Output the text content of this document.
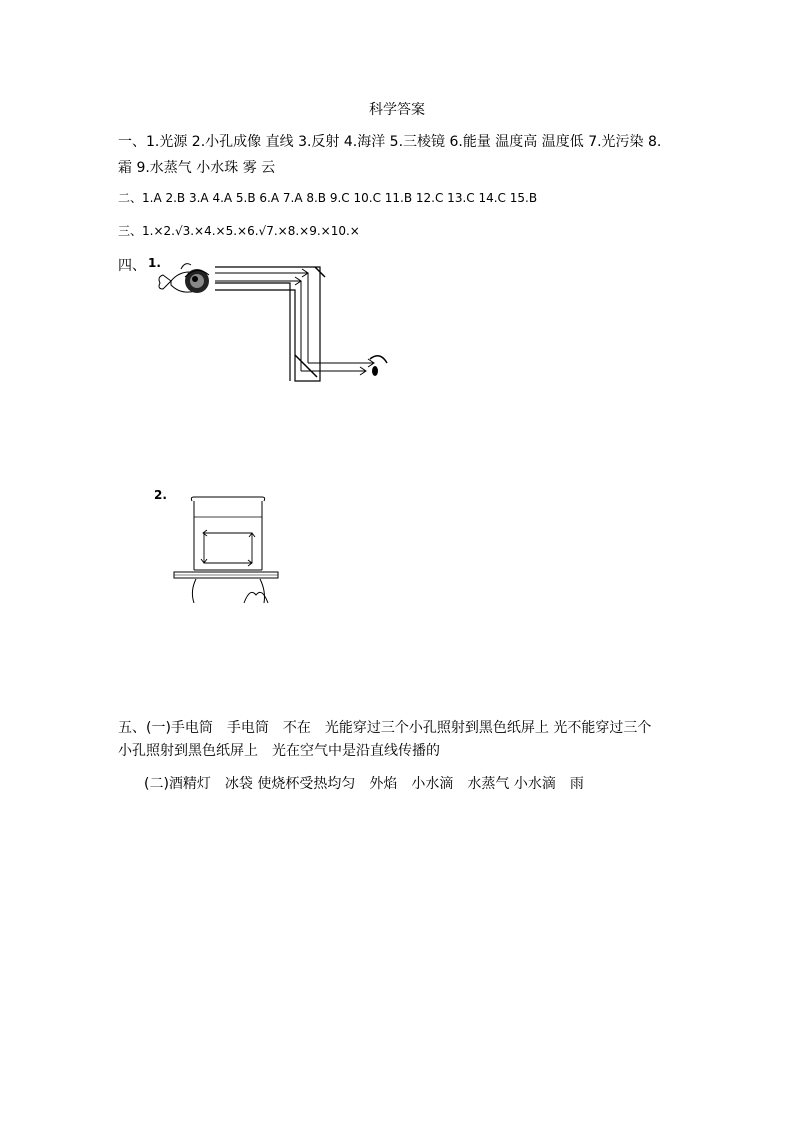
科学答案
一、1.光源 2.小孔成像 直线 3.反射 4.海洋 5.三棱镜 6.能量 温度高 温度低 7.光污染 8.
霜 9.水蒸气 小水珠 雾 云
二、1.A 2.B 3.A 4.A 5.B 6.A 7.A 8.B 9.C 10.C 11.B 12.C 13.C 14.C 15.B
三、1.×2.√3.×4.×5.×6.√7.×8.×9.×10.×
四、 1.
2.
五、(一)手电筒　手电筒　不在　光能穿过三个小孔照射到黑色纸屏上 光不能穿过三个
小孔照射到黑色纸屏上　光在空气中是沿直线传播的
(二)酒精灯　冰袋 使烧杯受热均匀　外焰　小水滴　水蒸气 小水滴　雨
